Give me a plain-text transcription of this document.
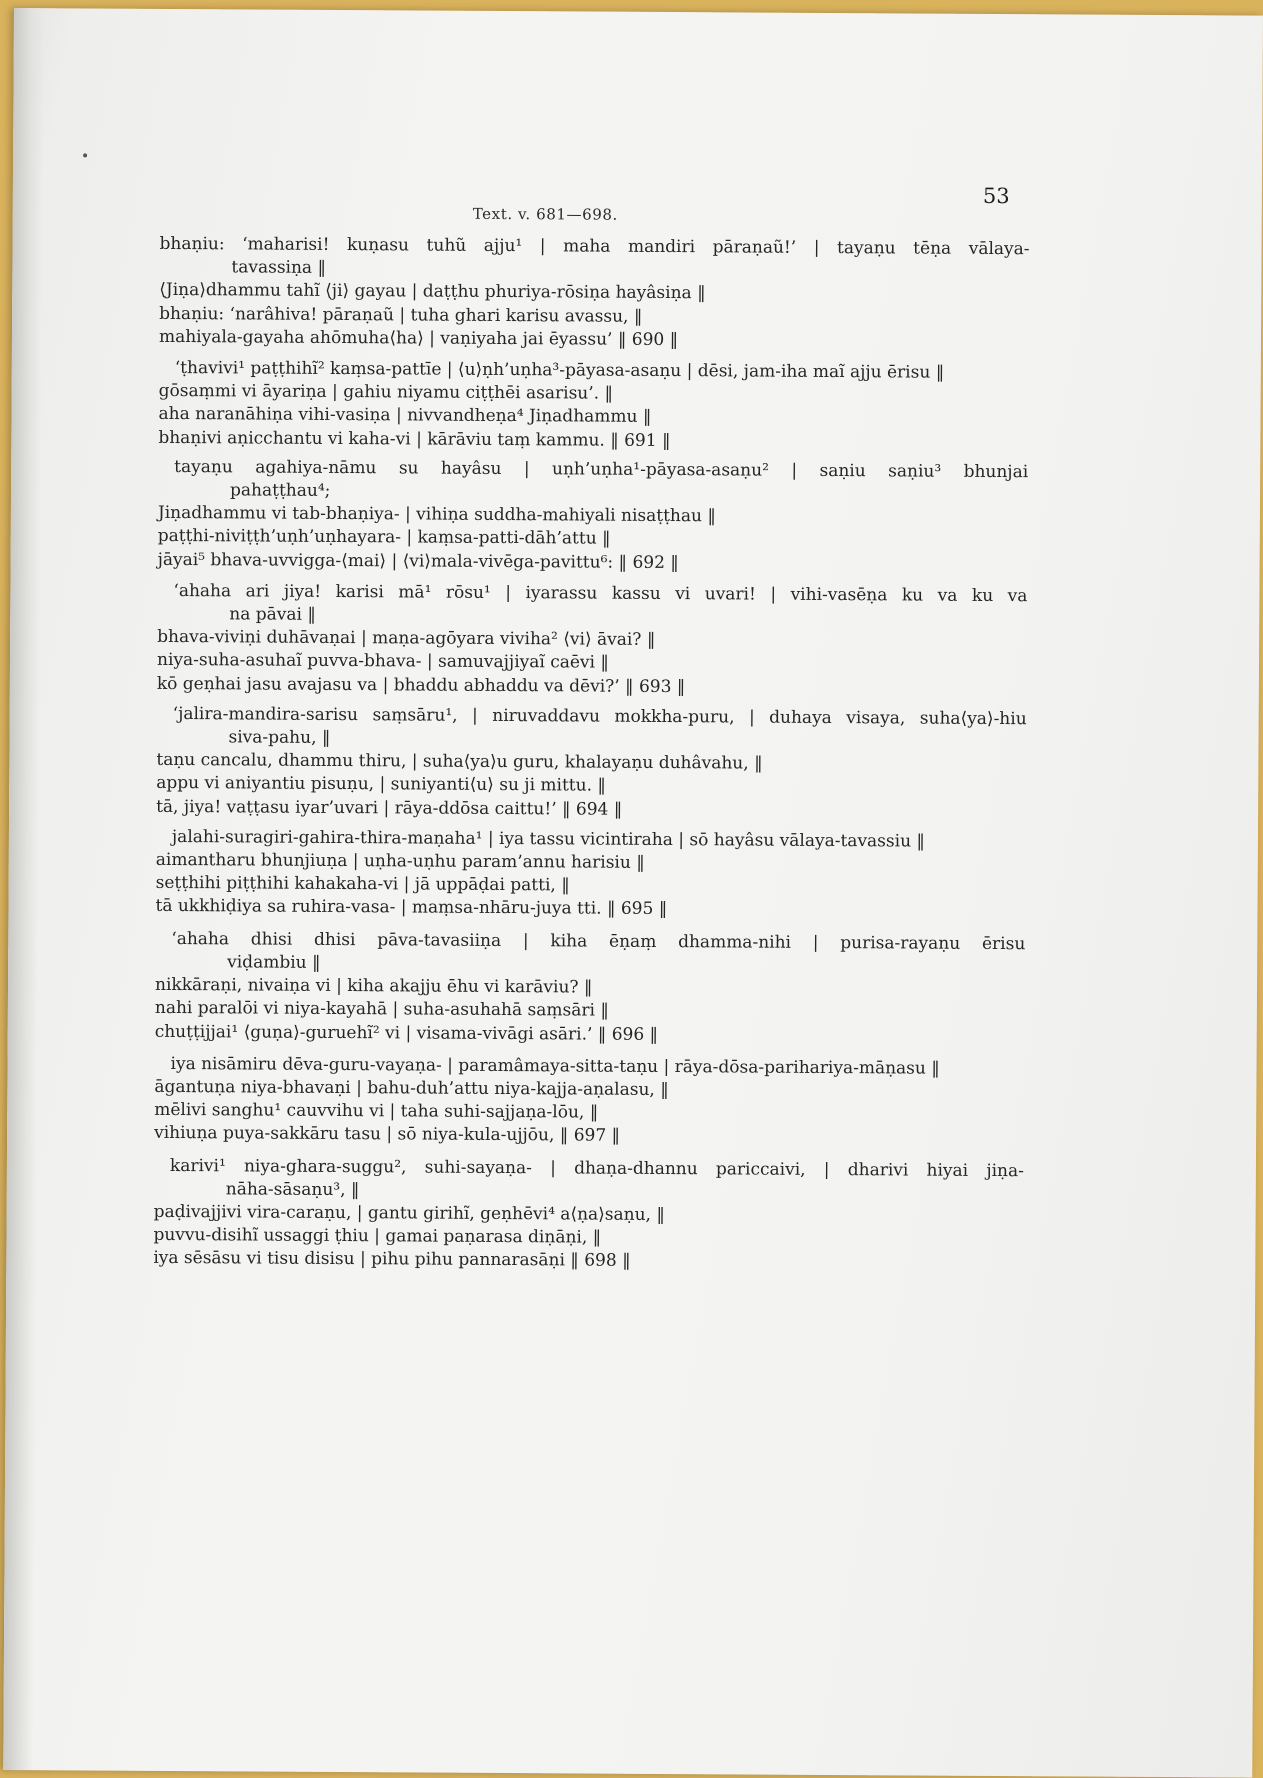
Text. v. 681—698.
53
bhaṇiu: ‘maharisi! kuṇasu tuhũ ajju¹ | maha mandiri pāraṇaũ!’ | tayaṇu tēṇa vālaya-
tavassiṇa ‖
⟨Jiṇa⟩dhammu tahĩ ⟨ji⟩ gayau | daṭṭhu phuriya-rōsiṇa hayâsiṇa ‖
bhaṇiu: ‘narâhiva! pāraṇaũ | tuha ghari karisu avassu, ‖
mahiyala-gayaha ahōmuha⟨ha⟩ | vaṇiyaha jai ēyassu’ ‖ 690 ‖
‘ṭhavivi¹ paṭṭhihĩ² kaṃsa-pattīe | ⟨u⟩ṇh’uṇha³-pāyasa-asaṇu | dēsi, jam-iha maĩ ajju ērisu ‖
gōsaṃmi vi āyariṇa | gahiu niyamu ciṭṭhēi asarisu’. ‖
aha naranāhiṇa vihi-vasiṇa | nivvandheṇa⁴ Jiṇadhammu ‖
bhaṇivi aṇicchantu vi kaha-vi | kārāviu taṃ kammu. ‖ 691 ‖
tayaṇu agahiya-nāmu su hayâsu | uṇh’uṇha¹-pāyasa-asaṇu² | saṇiu saṇiu³ bhunjai
pahaṭṭhau⁴;
Jiṇadhammu vi tab-bhaṇiya- | vihiṇa suddha-mahiyali nisaṭṭhau ‖
paṭṭhi-niviṭṭh’uṇh’uṇhayara- | kaṃsa-patti-dāh’attu ‖
jāyai⁵ bhava-uvvigga-⟨mai⟩ | ⟨vi⟩mala-vivēga-pavittu⁶: ‖ 692 ‖
‘ahaha ari jiya! karisi mā¹ rōsu¹ | iyarassu kassu vi uvari! | vihi-vasēṇa ku va ku va
na pāvai ‖
bhava-viviṇi duhāvaṇai | maṇa-agōyara viviha² ⟨vi⟩ āvai? ‖
niya-suha-asuhaĩ puvva-bhava- | samuvajjiyaĩ caēvi ‖
kō geṇhai jasu avajasu va | bhaddu abhaddu va dēvi?’ ‖ 693 ‖
‘jalira-mandira-sarisu saṃsāru¹, | niruvaddavu mokkha-puru, | duhaya visaya, suha⟨ya⟩-hiu
siva-pahu, ‖
taṇu cancalu, dhammu thiru, | suha⟨ya⟩u guru, khalayaṇu duhâvahu, ‖
appu vi aniyantiu pisuṇu, | suniyanti⟨u⟩ su ji mittu. ‖
tā, jiya! vaṭṭasu iyar’uvari | rāya-ddōsa caittu!’ ‖ 694 ‖
jalahi-suragiri-gahira-thira-maṇaha¹ | iya tassu vicintiraha | sō hayâsu vālaya-tavassiu ‖
aimantharu bhunjiuṇa | uṇha-uṇhu param’annu harisiu ‖
seṭṭhihi piṭṭhihi kahakaha-vi | jā uppāḍai patti, ‖
tā ukkhiḍiya sa ruhira-vasa- | maṃsa-nhāru-juya tti. ‖ 695 ‖
‘ahaha dhisi dhisi pāva-tavasiiṇa | kiha ēṇaṃ dhamma-nihi | purisa-rayaṇu ērisu
viḍambiu ‖
nikkāraṇi, nivaiṇa vi | kiha akajju ēhu vi karāviu? ‖
nahi paralōi vi niya-kayahā | suha-asuhahā saṃsāri ‖
chuṭṭijjai¹ ⟨guṇa⟩-guruehĩ² vi | visama-vivāgi asāri.’ ‖ 696 ‖
iya nisāmiru dēva-guru-vayaṇa- | paramâmaya-sitta-taṇu | rāya-dōsa-parihariya-māṇasu ‖
āgantuṇa niya-bhavaṇi | bahu-duh’attu niya-kajja-aṇalasu, ‖
mēlivi sanghu¹ cauvvihu vi | taha suhi-sajjaṇa-lōu, ‖
vihiuṇa puya-sakkāru tasu | sō niya-kula-ujjōu, ‖ 697 ‖
karivi¹ niya-ghara-suggu², suhi-sayaṇa- | dhaṇa-dhannu pariccaivi, | dharivi hiyai jiṇa-
nāha-sāsaṇu³, ‖
paḍivajjivi vira-caraṇu, | gantu girihĩ, geṇhēvi⁴ a⟨ṇa⟩saṇu, ‖
puvvu-disihĩ ussaggi ṭhiu | gamai paṇarasa diṇāṇi, ‖
iya sēsāsu vi tisu disisu | pihu pihu pannarasāṇi ‖ 698 ‖
